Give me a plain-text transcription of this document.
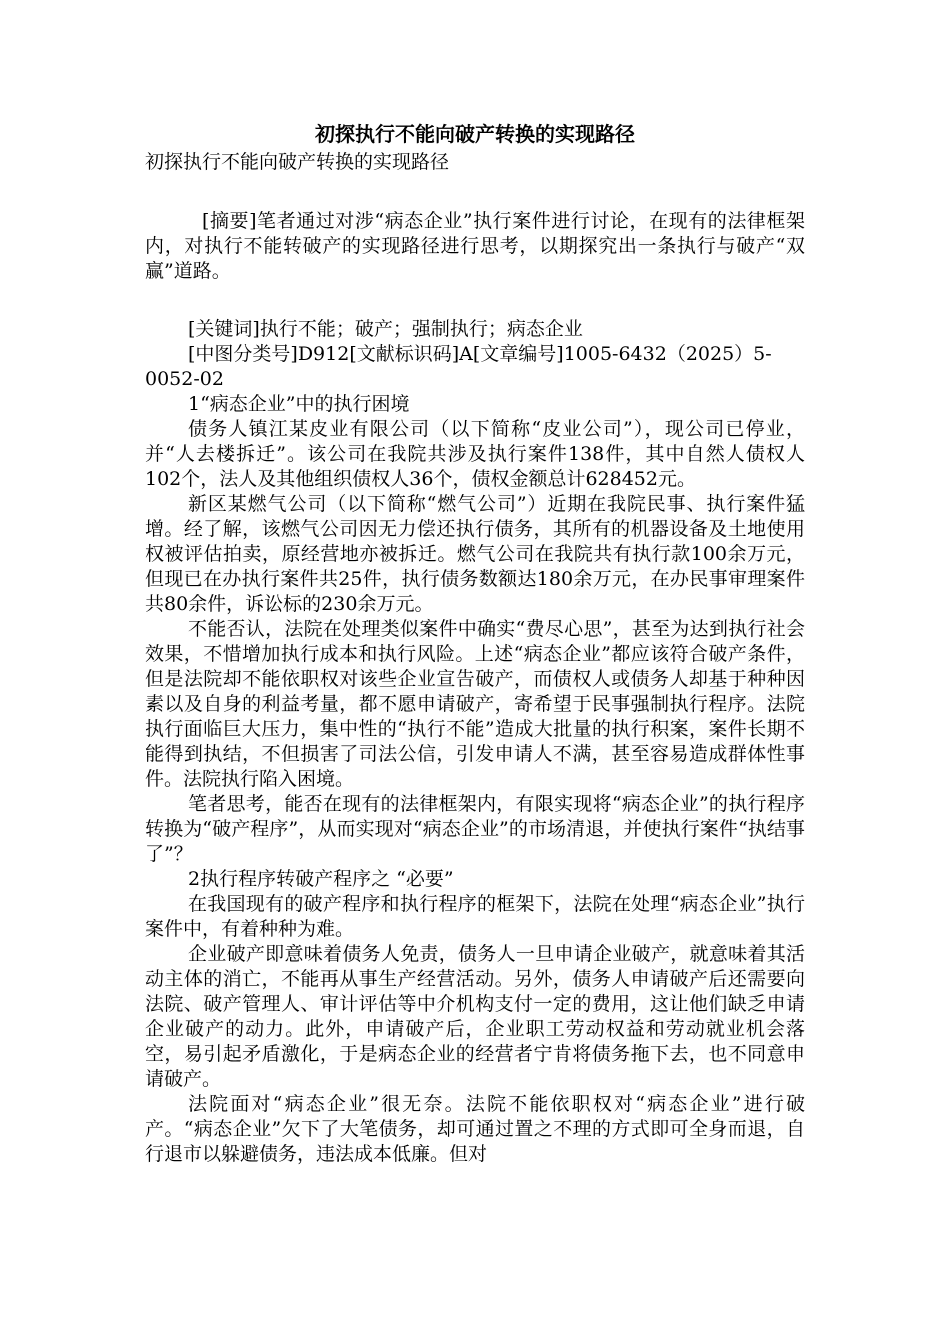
初探执行不能向破产转换的实现路径

初探执行不能向破产转换的实现路径

[摘要]笔者通过对涉“病态企业”执行案件进行讨论，在现有的法律框架内，对执行不能转破产的实现路径进行思考，以期探究出一条执行与破产“双赢”道路。

[关键词]执行不能；破产；强制执行；病态企业

[中图分类号]D912[文献标识码]A[文章编号]1005-6432（2025）5-0052-02

1“病态企业”中的执行困境

债务人镇江某皮业有限公司（以下简称“皮业公司”），现公司已停业，并“人去楼拆迁”。该公司在我院共涉及执行案件138件，其中自然人债权人102个，法人及其他组织债权人36个，债权金额总计628452元。

新区某燃气公司（以下简称“燃气公司”）近期在我院民事、执行案件猛增。经了解，该燃气公司因无力偿还执行债务，其所有的机器设备及土地使用权被评估拍卖，原经营地亦被拆迁。燃气公司在我院共有执行款100余万元，但现已在办执行案件共25件，执行债务数额达180余万元，在办民事审理案件共80余件，诉讼标的230余万元。

不能否认，法院在处理类似案件中确实“费尽心思”，甚至为达到执行社会效果，不惜增加执行成本和执行风险。上述“病态企业”都应该符合破产条件，但是法院却不能依职权对该些企业宣告破产，而债权人或债务人却基于种种因素以及自身的利益考量，都不愿申请破产，寄希望于民事强制执行程序。法院执行面临巨大压力，集中性的“执行不能”造成大批量的执行积案，案件长期不能得到执结，不但损害了司法公信，引发申请人不满，甚至容易造成群体性事件。法院执行陷入困境。

笔者思考，能否在现有的法律框架内，有限实现将“病态企业”的执行程序转换为“破产程序”，从而实现对“病态企业”的市场清退，并使执行案件“执结事了”？

2执行程序转破产程序之 “必要”

在我国现有的破产程序和执行程序的框架下，法院在处理“病态企业”执行案件中，有着种种为难。

企业破产即意味着债务人免责，债务人一旦申请企业破产，就意味着其活动主体的消亡，不能再从事生产经营活动。另外，债务人申请破产后还需要向法院、破产管理人、审计评估等中介机构支付一定的费用，这让他们缺乏申请企业破产的动力。此外，申请破产后，企业职工劳动权益和劳动就业机会落空，易引起矛盾激化，于是病态企业的经营者宁肯将债务拖下去，也不同意申请破产。

法院面对“病态企业”很无奈。法院不能依职权对“病态企业”进行破产。“病态企业”欠下了大笔债务，却可通过置之不理的方式即可全身而退，自行退市以躲避债务，违法成本低廉。但对
